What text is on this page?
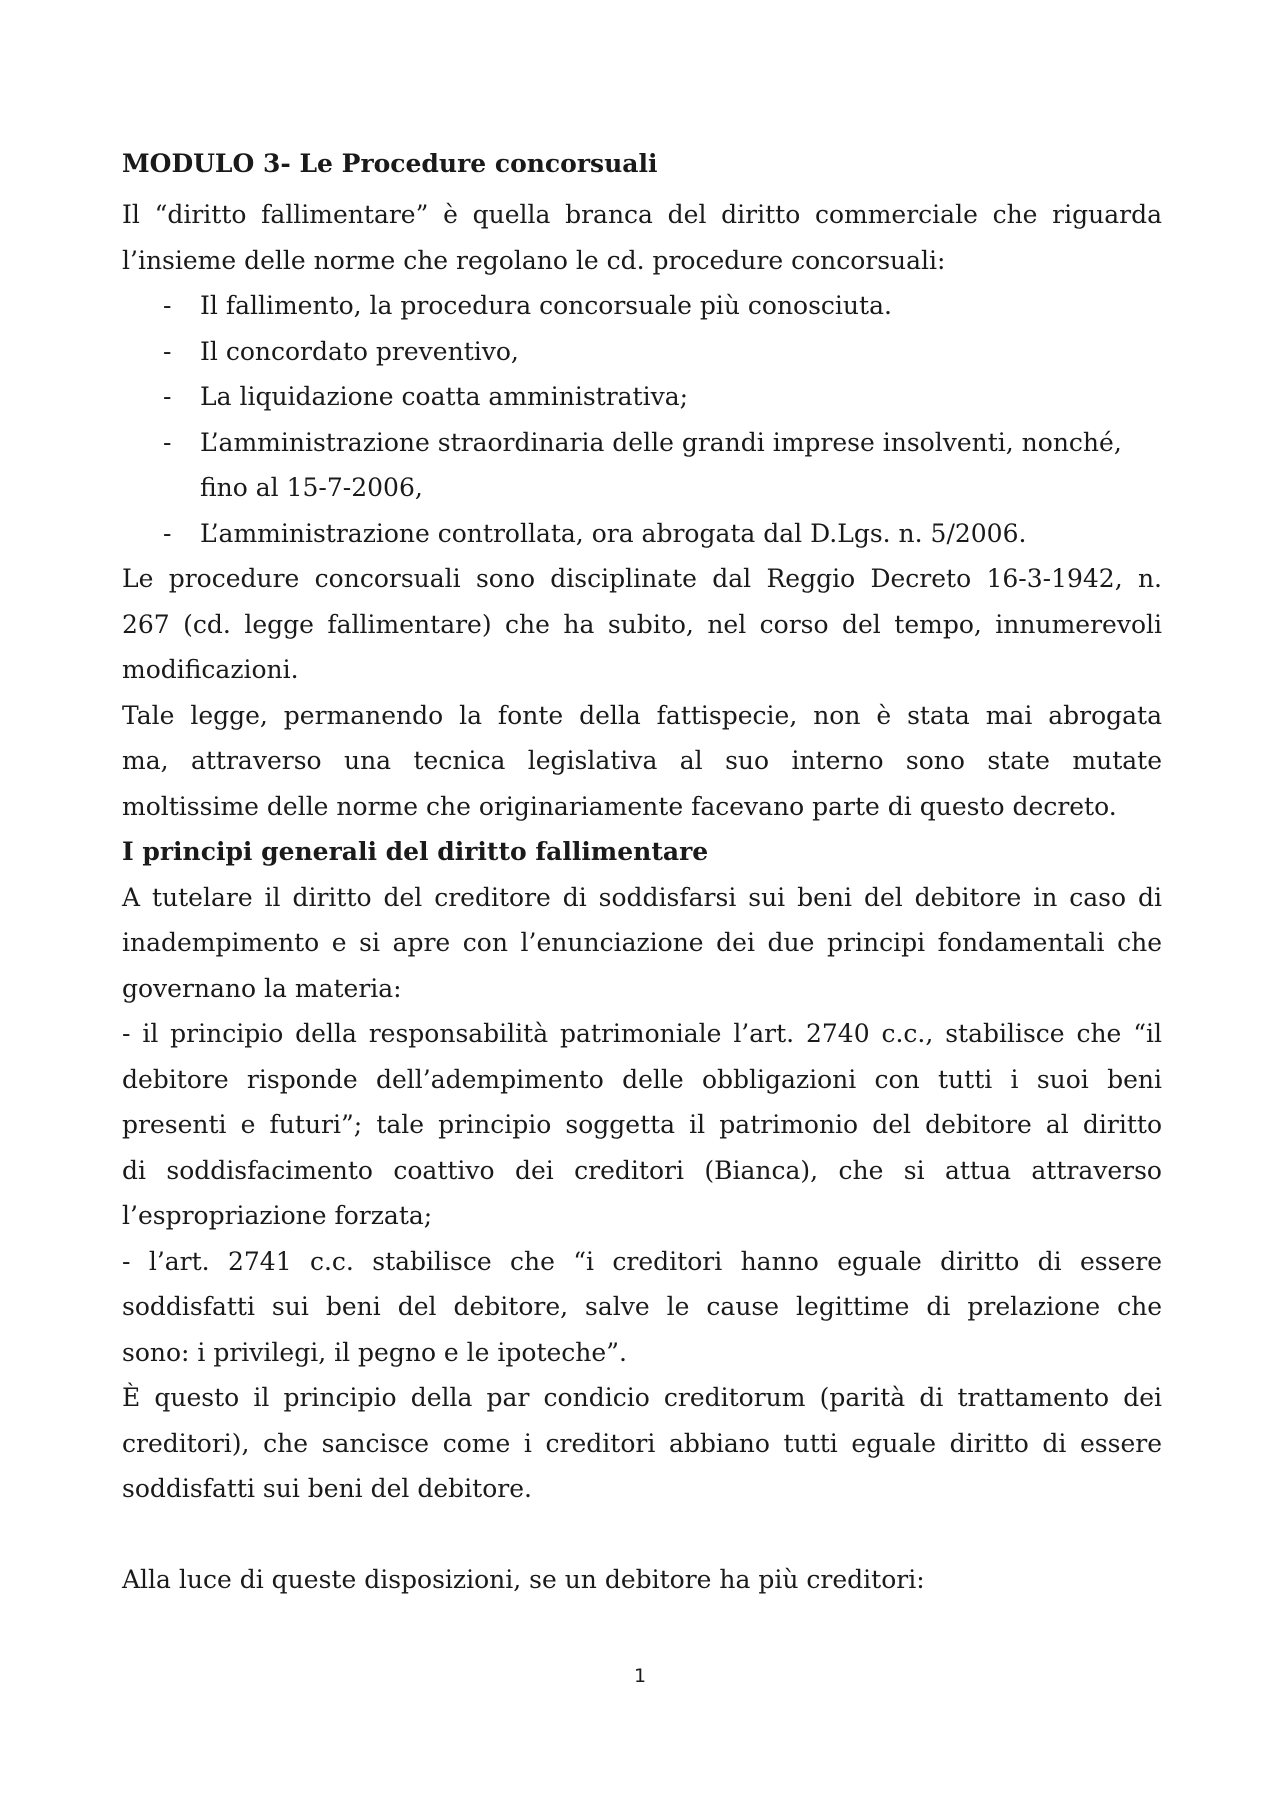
MODULO 3- Le Procedure concorsuali

Il “diritto fallimentare” è quella branca del diritto commerciale che riguarda

l’insieme delle norme che regolano le cd. procedure concorsuali:

- Il fallimento, la procedura concorsuale più conosciuta.

- Il concordato preventivo,

- La liquidazione coatta amministrativa;

- L’amministrazione straordinaria delle grandi imprese insolventi, nonché,

fino al 15-7-2006,

- L’amministrazione controllata, ora abrogata dal D.Lgs. n. 5/2006.

Le procedure concorsuali sono disciplinate dal Reggio Decreto 16-3-1942, n.

267 (cd. legge fallimentare) che ha subito, nel corso del tempo, innumerevoli

modificazioni.

Tale legge, permanendo la fonte della fattispecie, non è stata mai abrogata

ma, attraverso una tecnica legislativa al suo interno sono state mutate

moltissime delle norme che originariamente facevano parte di questo decreto.

I principi generali del diritto fallimentare

A tutelare il diritto del creditore di soddisfarsi sui beni del debitore in caso di

inadempimento e si apre con l’enunciazione dei due principi fondamentali che

governano la materia:

- il principio della responsabilità patrimoniale l’art. 2740 c.c., stabilisce che “il

debitore risponde dell’adempimento delle obbligazioni con tutti i suoi beni

presenti e futuri”; tale principio soggetta il patrimonio del debitore al diritto

di soddisfacimento coattivo dei creditori (Bianca), che si attua attraverso

l’espropriazione forzata;

- l’art. 2741 c.c. stabilisce che “i creditori hanno eguale diritto di essere

soddisfatti sui beni del debitore, salve le cause legittime di prelazione che

sono: i privilegi, il pegno e le ipoteche”.

È questo il principio della par condicio creditorum (parità di trattamento dei

creditori), che sancisce come i creditori abbiano tutti eguale diritto di essere

soddisfatti sui beni del debitore.

Alla luce di queste disposizioni, se un debitore ha più creditori:

1
